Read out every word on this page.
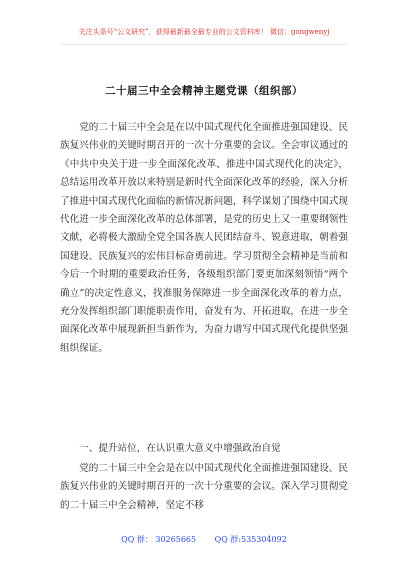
关注头条号“公文研究”，获得最新最全最专业的公文资料库！ 微信：gongwenyj
二十届三中全会精神主题党课（组织部）

党的二十届三中全会是在以中国式现代化全面推进强国建设、民族复兴伟业的关键时期召开的一次十分重要的会议。全会审议通过的《中共中央关于进一步全面深化改革、推进中国式现代化的决定》，总结运用改革开放以来特别是新时代全面深化改革的经验，深入分析了推进中国式现代化面临的新情况新问题，科学谋划了围绕中国式现代化进一步全面深化改革的总体部署，是党的历史上又一重要纲领性文献，必将极大激励全党全国各族人民团结奋斗、锐意进取，朝着强国建设、民族复兴的宏伟目标奋勇前进。学习贯彻全会精神是当前和今后一个时期的重要政治任务，各级组织部门要更加深刻领悟“两个确立”的决定性意义，找准服务保障进一步全面深化改革的着力点，充分发挥组织部门职能职责作用，奋发有为、开拓进取，在进一步全面深化改革中展现新担当新作为，为奋力谱写中国式现代化提供坚强组织保证。

一、提升站位，在认识重大意义中增强政治自觉

党的二十届三中全会是在以中国式现代化全面推进强国建设、民族复兴伟业的关键时期召开的一次十分重要的会议。深入学习贯彻党的二十届三中全会精神，坚定不移

QQ 群： 30265665 QQ 群:535304092
